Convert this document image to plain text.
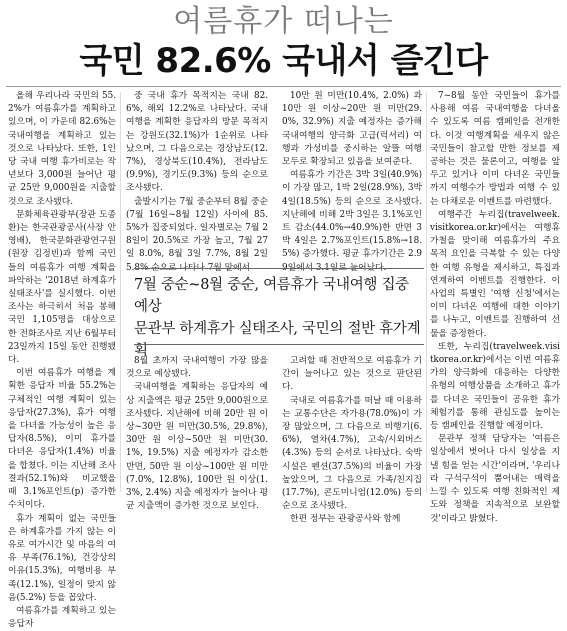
여름휴가 떠나는
국민 82.6% 국내서 즐긴다

올해 우리나라 국민의 55.2%가 여름휴가를 계획하고 있으며, 이 가운데 82.6%는 국내여행을 계획하고 있는 것으로 나타났다. 또한, 1인당 국내 여행 휴가비로는 작년보다 3,000원 늘어난 평균 25만 9,000원을 지출할 것으로 조사됐다.

문화체육관광부(장관 도종환)는 한국관광공사(사장 안영배), 한국문화관광연구원(원장 김정빈)과 함께 국민들의 여름휴가 여행 계획을 파악하는 '2018년 하계휴가 실태조사'를 실시했다. 이번 조사는 하극히서 처음 봉해 국민 1,105명을 대상으로 한 전화조사로 지난 6월부터 23일까지 15일 동안 진행됐다.

이번 여름휴가 여행을 계획한 응답자 비율 55.2%는 구체적인 여행 계획이 있는 응답자(27.3%), 휴가 여행을 다녀올 가능성이 높은 응답자(8.5%), 이미 휴가를 다녀온 응답자(1.4%) 비율을 합쳤다. 이는 지난해 조사 결과(52.1%)와 비교했을 때 3.1%포인트(p) 증가한 수치이다.

휴가 계획이 없는 국민들은 하계휴가를 가지 않는 이유로 여가시간 및 마음의 여유 부족(76.1%), 건강상의 이유(15.3%), 여행비용 부족(12.1%), 일정이 맞지 않음(5.2%) 등을 꼽았다.

여름휴가를 계획하고 있는 응답자

중 국내 휴가 목적지는 국내 82.6%, 해외 12.2%로 나타났다. 국내여행을 계획한 응답자의 방문 목적지는 강원도(32.1%)가 1순위로 나타났으며, 그 다음으로는 경상남도(12.7%), 경상북도(10.4%), 전라남도(9.9%), 경기도(9.3%) 등의 순으로 조사됐다.

출발시기는 7월 중순부터 8월 중순(7월 16일~8월 12일) 사이에 85.5%가 집중되었다. 일자별로는 7월 28일이 20.5%로 가장 높고, 7월 27일 8.0%, 8월 3일 7.7%, 8월 2일 5.8% 순으로 나타나 7월 말에서

10만 원 미만(10.4%, 2.0%) 과 10만 원 이상~20만 원 미만(29.0%, 32.9%) 지출 예정자는 증가해 국내여행의 양극화 고급(럭셔리) 여행과 가성비를 중시하는 알뜰 여행 모두로 확장되고 있음을 보여준다.

여름휴가 기간은 3박 3일(40.9%)이 가장 많고, 1박 2일(28.9%), 3박 4일(18.5%) 등의 순으로 조사됐다. 지난해에 비해 2박 3일은 3.1%포인트 감소(44.0%→40.9%)한 반면 3박 4일은 2.7%포인트(15.8%→18.5%) 증가했다. 평균 휴가기간은 2.99일에서 3.1일로 늘어났다.

7월 중순~8월 중순, 여름휴가 국내여행 집중 예상
문관부 하계휴가 실태조사, 국민의 절반 휴가계획

8월 초까지 국내여행이 가장 많을 것으로 예상됐다.

국내여행을 계획하는 응답자의 예상 지출액은 평균 25만 9,000원으로 조사됐다. 지난해에 비해 20만 원 이상~30만 원 미만(30.5%, 29.8%), 30만 원 이상~50만 원 미만(30.1%, 19.5%) 지출 예정자가 감소한 반면, 50만 원 이상~100만 원 미만(7.0%, 12.8%), 100만 원 이상(1.3%, 2.4%) 지출 예정자가 늘어나 평균 지출액이 증가한 것으로 보인다.

고려할 때 전반적으로 여름휴가 기간이 늘어나고 있는 것으로 판단된다.

국내로 여름휴가를 떠날 때 이용하는 교통수단은 자가용(78.0%)이 가장 많았으며, 그 다음으로 비행기(6.6%), 열차(4.7%), 고속/시외버스(4.3%) 등의 순서로 나타났다. 숙박시설은 펜션(37.5%)의 비율이 가장 높았으며, 그 다음으로 가족/친지집(17.7%), 콘도미니엄(12.0%) 등의 순으로 조사됐다.

한편 정부는 관광공사와 함께

7~8월 동안 국민들이 휴가를 사용해 여름 국내여행을 다녀올 수 있도록 여름 캠페인을 전개한다. 이것 여행계획을 세우지 않은 국민들이 참고할 만한 정보를 제공하는 것은 물론이고, 여행을 앞두고 있거나 이미 다녀온 국민들까지 여행수가 방법과 여행 수 있는 다채로운 이벤트를 마련했다.

여행주간 누리집(travelweek.visitkorea.or.kr)에서는 여행휴가철을 맞이해 여름휴가의 주요 목적 요인을 극복할 수 있는 다양한 여행 유형을 제시하고, 특집과 연계하여 이벤트를 진행한다. 이 사업의 특별인 '여행 신청'에서는 이미 다녀온 여행에 대한 이야기를 나누고, 이벤트를 진행하여 선물을 증정한다.

또한, 누리집(travelweek.visitkorea.or.kr)에서는 이번 여름휴가의 양극화에 대응하는 다양한 유형의 여행상품을 소개하고 휴가를 다녀온 국민들이 공유한 휴가 체험기를 통해 관심도를 높이는 등 캠페인을 진행할 예정이다.

문관부 정책 담당자는 '여름은 일상에서 벗어나 다시 일상을 지낼 힘을 얻는 시간'이라며, '우리나라 구석구석이 뿜어내는 매력을 느낄 수 있도록 여행 친화적인 제도와 정책을 지속적으로 보완할 것'이라고 밝혔다.
